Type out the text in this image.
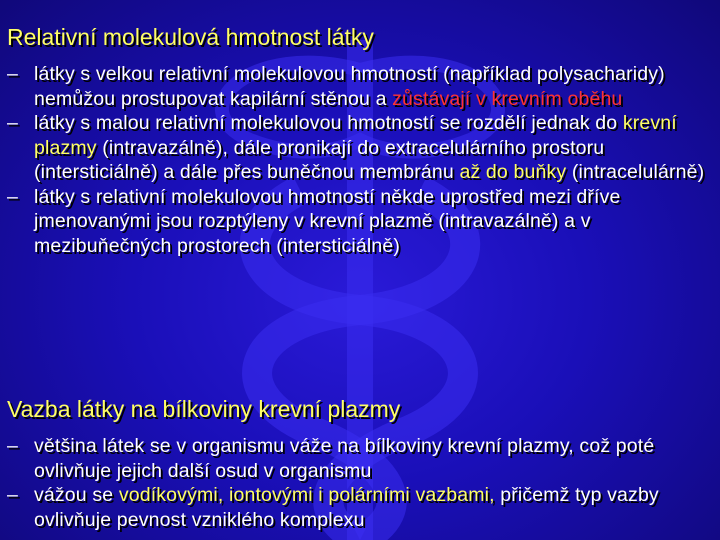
Relativní molekulová hmotnost látky
– látky s velkou relativní molekulovou hmotností (například polysacharidy) nemůžou prostupovat kapilární stěnou a zůstávají v krevním oběhu
– látky s malou relativní molekulovou hmotností se rozdělí jednak do krevní plazmy (intravazálně), dále pronikají do extracelulárního prostoru (intersticiálně) a dále přes buněčnou membránu až do buňky (intracelulárně)
– látky s relativní molekulovou hmotností někde uprostřed mezi dříve jmenovanými jsou rozptýleny v krevní plazmě (intravazálně) a v mezibuňečných prostorech (intersticiálně)
Vazba látky na bílkoviny krevní plazmy
– většina látek se v organismu váže na bílkoviny krevní plazmy, což poté ovlivňuje jejich další osud v organismu
– vážou se vodíkovými, iontovými i polárními vazbami, přičemž typ vazby ovlivňuje pevnost vzniklého komplexu
